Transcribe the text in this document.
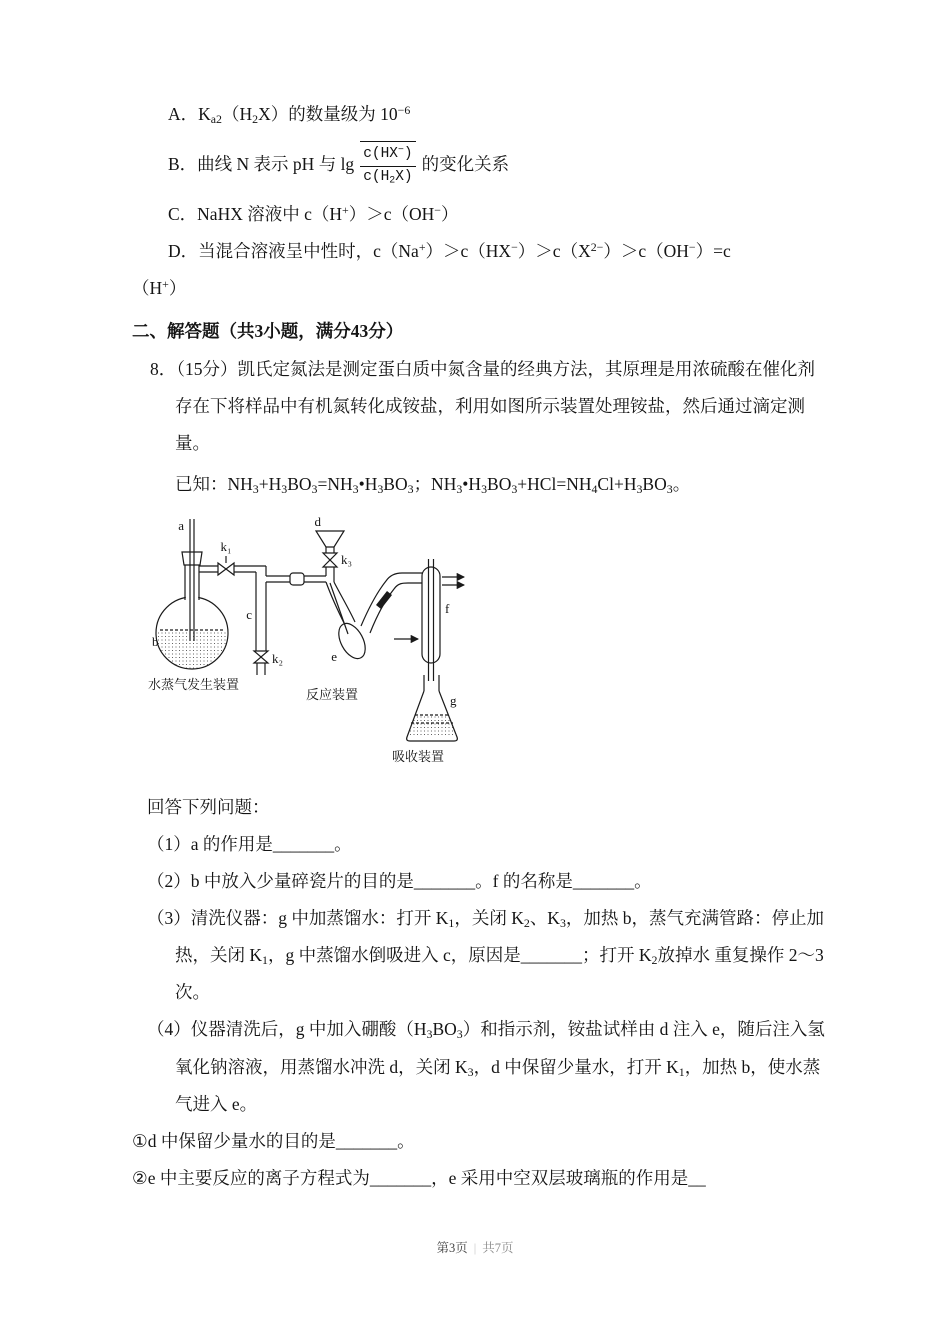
A．$K_{a2}(H_2X)$的数量级为 $10^{-6}$

B．曲线 N 表示 pH 与 $\lg \frac{c(HX^-)}{c(H_2X)}$ 的变化关系

C．NaHX 溶液中 c（H+）＞c（OH−）

D．当混合溶液呈中性时，$c(Na^+)>c(HX^-)>c(X^{2-})>c(OH^-)=c$

（H+）

二、解答题（共3小题，满分43分）

8．（15分）凯氏定氮法是测定蛋白质中氮含量的经典方法，其原理是用浓硫酸在催化剂存在下将样品中有机氮转化成铵盐，利用如图所示装置处理铵盐，然后通过滴定测量。

已知：$NH_3+H_3BO_3=NH_3•H_3BO_3$；$NH_3•H_3BO_3+HCl=NH_4Cl+H_3BO_3$。

a
b
c
d
e
f
g
k₁
k₂
k₃
水蒸气发生装置
反应装置
吸收装置

回答下列问题：

（1）a 的作用是_______。

（2）b 中放入少量碎瓷片的目的是_______。f 的名称是_______。

（3）清洗仪器：g 中加蒸馏水：打开 $K_1$，关闭 $K_2$、$K_3$，加热 b，蒸气充满管路：停止加热，关闭 $K_1$，g 中蒸馏水倒吸进入 c，原因是_______；打开 $K_2$放掉水 重复操作 2～3 次。

（4）仪器清洗后，g 中加入硼酸$(H_3BO_3)$和指示剂，铵盐试样由 d 注入 e，随后注入氢氧化钠溶液，用蒸馏水冲洗 d，关闭 $K_3$，d 中保留少量水，打开 $K_1$，加热 b，使水蒸气进入 e。

①d 中保留少量水的目的是_______。

②e 中主要反应的离子方程式为_______，e 采用中空双层玻璃瓶的作用是__

第3页 | 共7页
